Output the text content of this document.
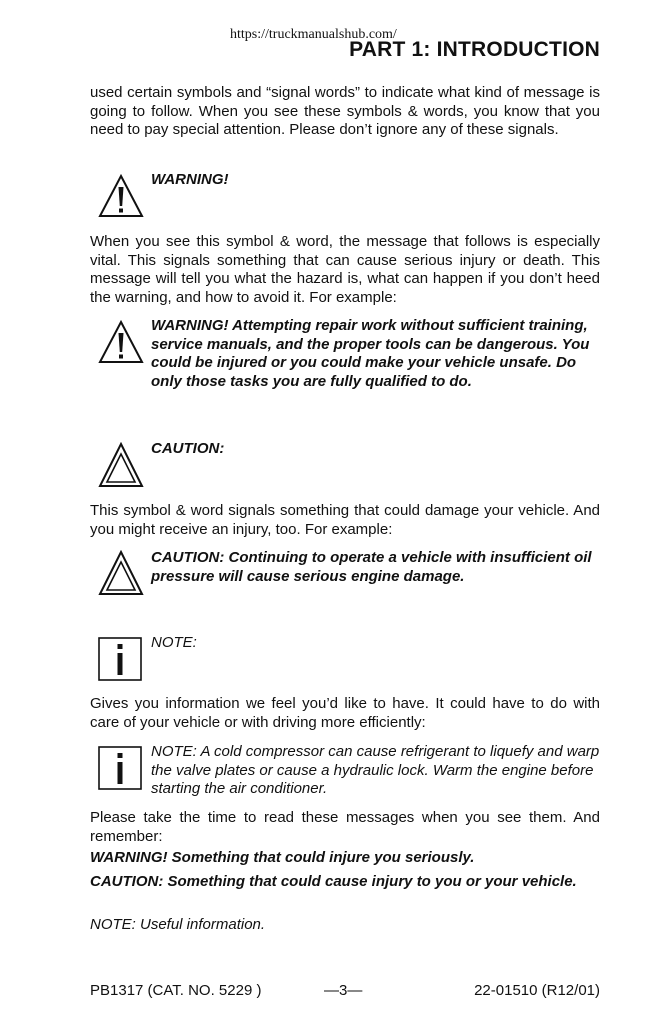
https://truckmanualshub.com/
PART 1: INTRODUCTION

used certain symbols and “signal words” to indicate what kind of message is going to follow. When you see these symbols & words, you know that you need to pay special attention. Please don’t ignore any of these signals.

WARNING!

When you see this symbol & word, the message that follows is especially vital. This signals something that can cause serious injury or death. This message will tell you what the hazard is, what can happen if you don’t heed the warning, and how to avoid it. For example:

WARNING! Attempting repair work without sufficient training, service manuals, and the proper tools can be dangerous. You could be injured or you could make your vehicle unsafe. Do only those tasks you are fully qualified to do.

CAUTION:

This symbol & word signals something that could damage your vehicle. And you might receive an injury, too. For example:

CAUTION: Continuing to operate a vehicle with insufficient oil pressure will cause serious engine damage.

NOTE:

Gives you information we feel you’d like to have. It could have to do with care of your vehicle or with driving more efficiently:

NOTE: A cold compressor can cause refrigerant to liquefy and warp the valve plates or cause a hydraulic lock. Warm the engine before starting the air conditioner.

Please take the time to read these messages when you see them. And remember:

WARNING! Something that could injure you seriously.

CAUTION: Something that could cause injury to you or your vehicle.

NOTE: Useful information.

PB1317 (CAT. NO. 5229 )	—3—	22-01510 (R12/01)
